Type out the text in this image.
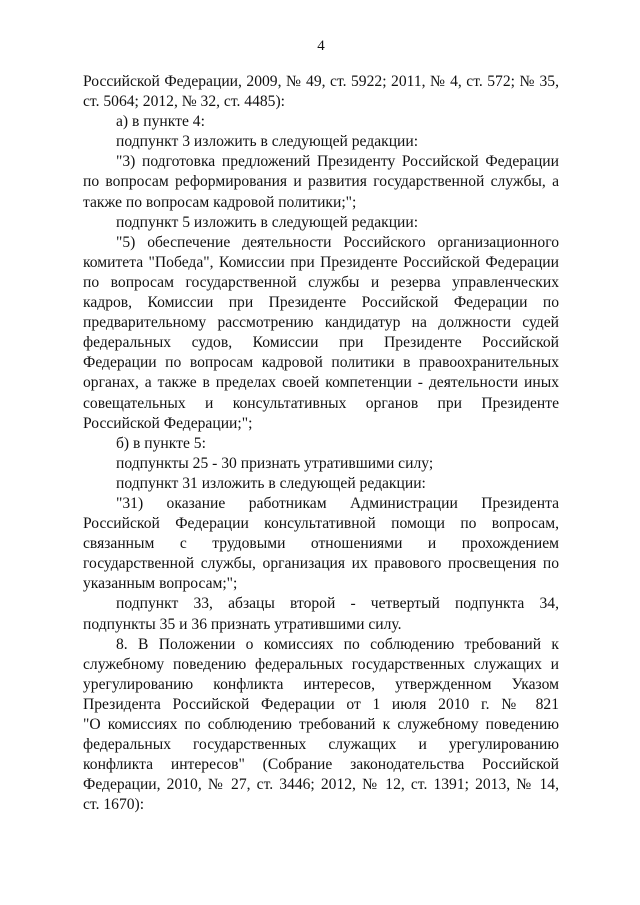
4
Российской Федерации, 2009, № 49, ст. 5922; 2011, № 4, ст. 572; № 35,
ст. 5064; 2012, № 32, ст. 4485):
а) в пункте 4:
подпункт 3 изложить в следующей редакции:
"3) подготовка предложений Президенту Российской Федерации
по вопросам реформирования и развития государственной службы, а
также по вопросам кадровой политики;";
подпункт 5 изложить в следующей редакции:
"5) обеспечение деятельности Российского организационного
комитета "Победа", Комиссии при Президенте Российской Федерации
по вопросам государственной службы и резерва управленческих
кадров, Комиссии при Президенте Российской Федерации по
предварительному рассмотрению кандидатур на должности судей
федеральных судов, Комиссии при Президенте Российской
Федерации по вопросам кадровой политики в правоохранительных
органах, а также в пределах своей компетенции - деятельности иных
совещательных и консультативных органов при Президенте
Российской Федерации;";
б) в пункте 5:
подпункты 25 - 30 признать утратившими силу;
подпункт 31 изложить в следующей редакции:
"31) оказание работникам Администрации Президента
Российской Федерации консультативной помощи по вопросам,
связанным с трудовыми отношениями и прохождением
государственной службы, организация их правового просвещения по
указанным вопросам;";
подпункт 33, абзацы второй - четвертый подпункта 34,
подпункты 35 и 36 признать утратившими силу.
8. В Положении о комиссиях по соблюдению требований к
служебному поведению федеральных государственных служащих и
урегулированию конфликта интересов, утвержденном Указом
Президента Российской Федерации от 1 июля 2010 г. № 821
"О комиссиях по соблюдению требований к служебному поведению
федеральных государственных служащих и урегулированию
конфликта интересов" (Собрание законодательства Российской
Федерации, 2010, № 27, ст. 3446; 2012, № 12, ст. 1391; 2013, № 14,
ст. 1670):
